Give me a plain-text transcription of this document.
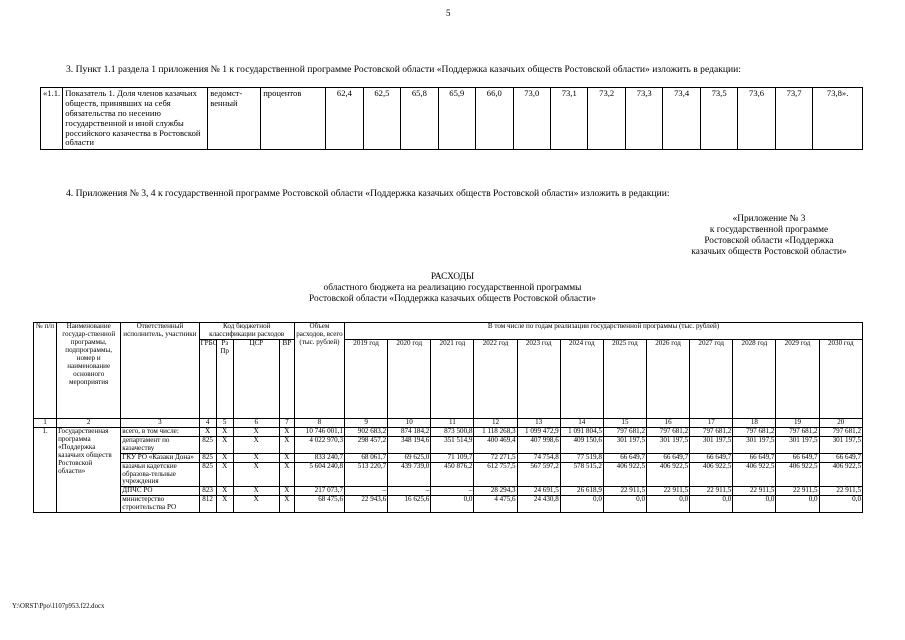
5
3. Пункт 1.1 раздела 1 приложения № 1 к государственной программе Ростовской области «Поддержка казачьих обществ Ростовской области» изложить в редакции:
«1.1.	Показатель 1. Доля членов казачьих обществ, принявших на себя обязательства по несению государственной и иной службы российского казачества в Ростовской области	ведомст-венный	процентов	62,4	62,5	65,8	65,9	66,0	73,0	73,1	73,2	73,3	73,4	73,5	73,6	73,7	73,8».
4. Приложения № 3, 4 к государственной программе Ростовской области «Поддержка казачьих обществ Ростовской области» изложить в редакции:
«Приложение № 3
к государственной программе
Ростовской области «Поддержка
казачьих обществ Ростовской области»
РАСХОДЫ
областного бюджета на реализацию государственной программы
Ростовской области «Поддержка казачьих обществ Ростовской области»
№ п/п	Наименование государ-ственной программы, подпрограммы, номер и наименование основного мероприятия	Ответственный исполнитель, участники	Код бюджетной классификации расходов				Объем расходов, всего (тыс. рублей)	В том числе по годам реализации государственной программы (тыс. рублей)											
			ГРБС	Рз Пр	ЦСР	ВР		2019 год	2020 год	2021 год	2022 год	2023 год	2024 год	2025 год	2026 год	2027 год	2028 год	2029 год	2030 год
1	2	3	4	5	6	7	8	9	10	11	12	13	14	15	16	17	18	19	20
1.	Государственная программа «Поддержка казачьих обществ Ростовской области»	всего, в том числе:	X	X	X	X	10 746 001,1	902 683,2	874 184,2	873 500,8	1 118 268,3	1 099 472,9	1 091 804,5	797 681,2	797 681,2	797 681,2	797 681,2	797 681,2	797 681,2
		департамент по казачеству	825	X	X	X	4 022 970,3	298 457,2	348 194,6	351 514,9	400 469,4	407 998,6	409 150,6	301 197,5	301 197,5	301 197,5	301 197,5	301 197,5	301 197,5
		ГКУ РО «Казаки Дона»	825	X	X	X	833 240,7	68 061,7	69 625,0	71 109,7	72 271,5	74 754,8	77 519,8	66 649,7	66 649,7	66 649,7	66 649,7	66 649,7	66 649,7
		казачьи кадетские образова-тельные учреждения	825	X	X	X	5 604 240,8	513 220,7	439 739,0	450 876,2	612 757,5	567 597,2	578 515,2	406 922,5	406 922,5	406 922,5	406 922,5	406 922,5	406 922,5
		ДПЧС РО	823	X	X	X	217 073,7	–	–	–	28 294,3	24 691,5	26 618,9	22 911,5	22 911,5	22 911,5	22 911,5	22 911,5	22 911,5
		министерство строительства РО	812	X	X	X	68 475,6	22 943,6	16 625,6	0,0	4 475,6	24 430,8	0,0	0,0	0,0	0,0	0,0	0,0	0,0
Y:\ORST\Ppo\1107p953.f22.docx
